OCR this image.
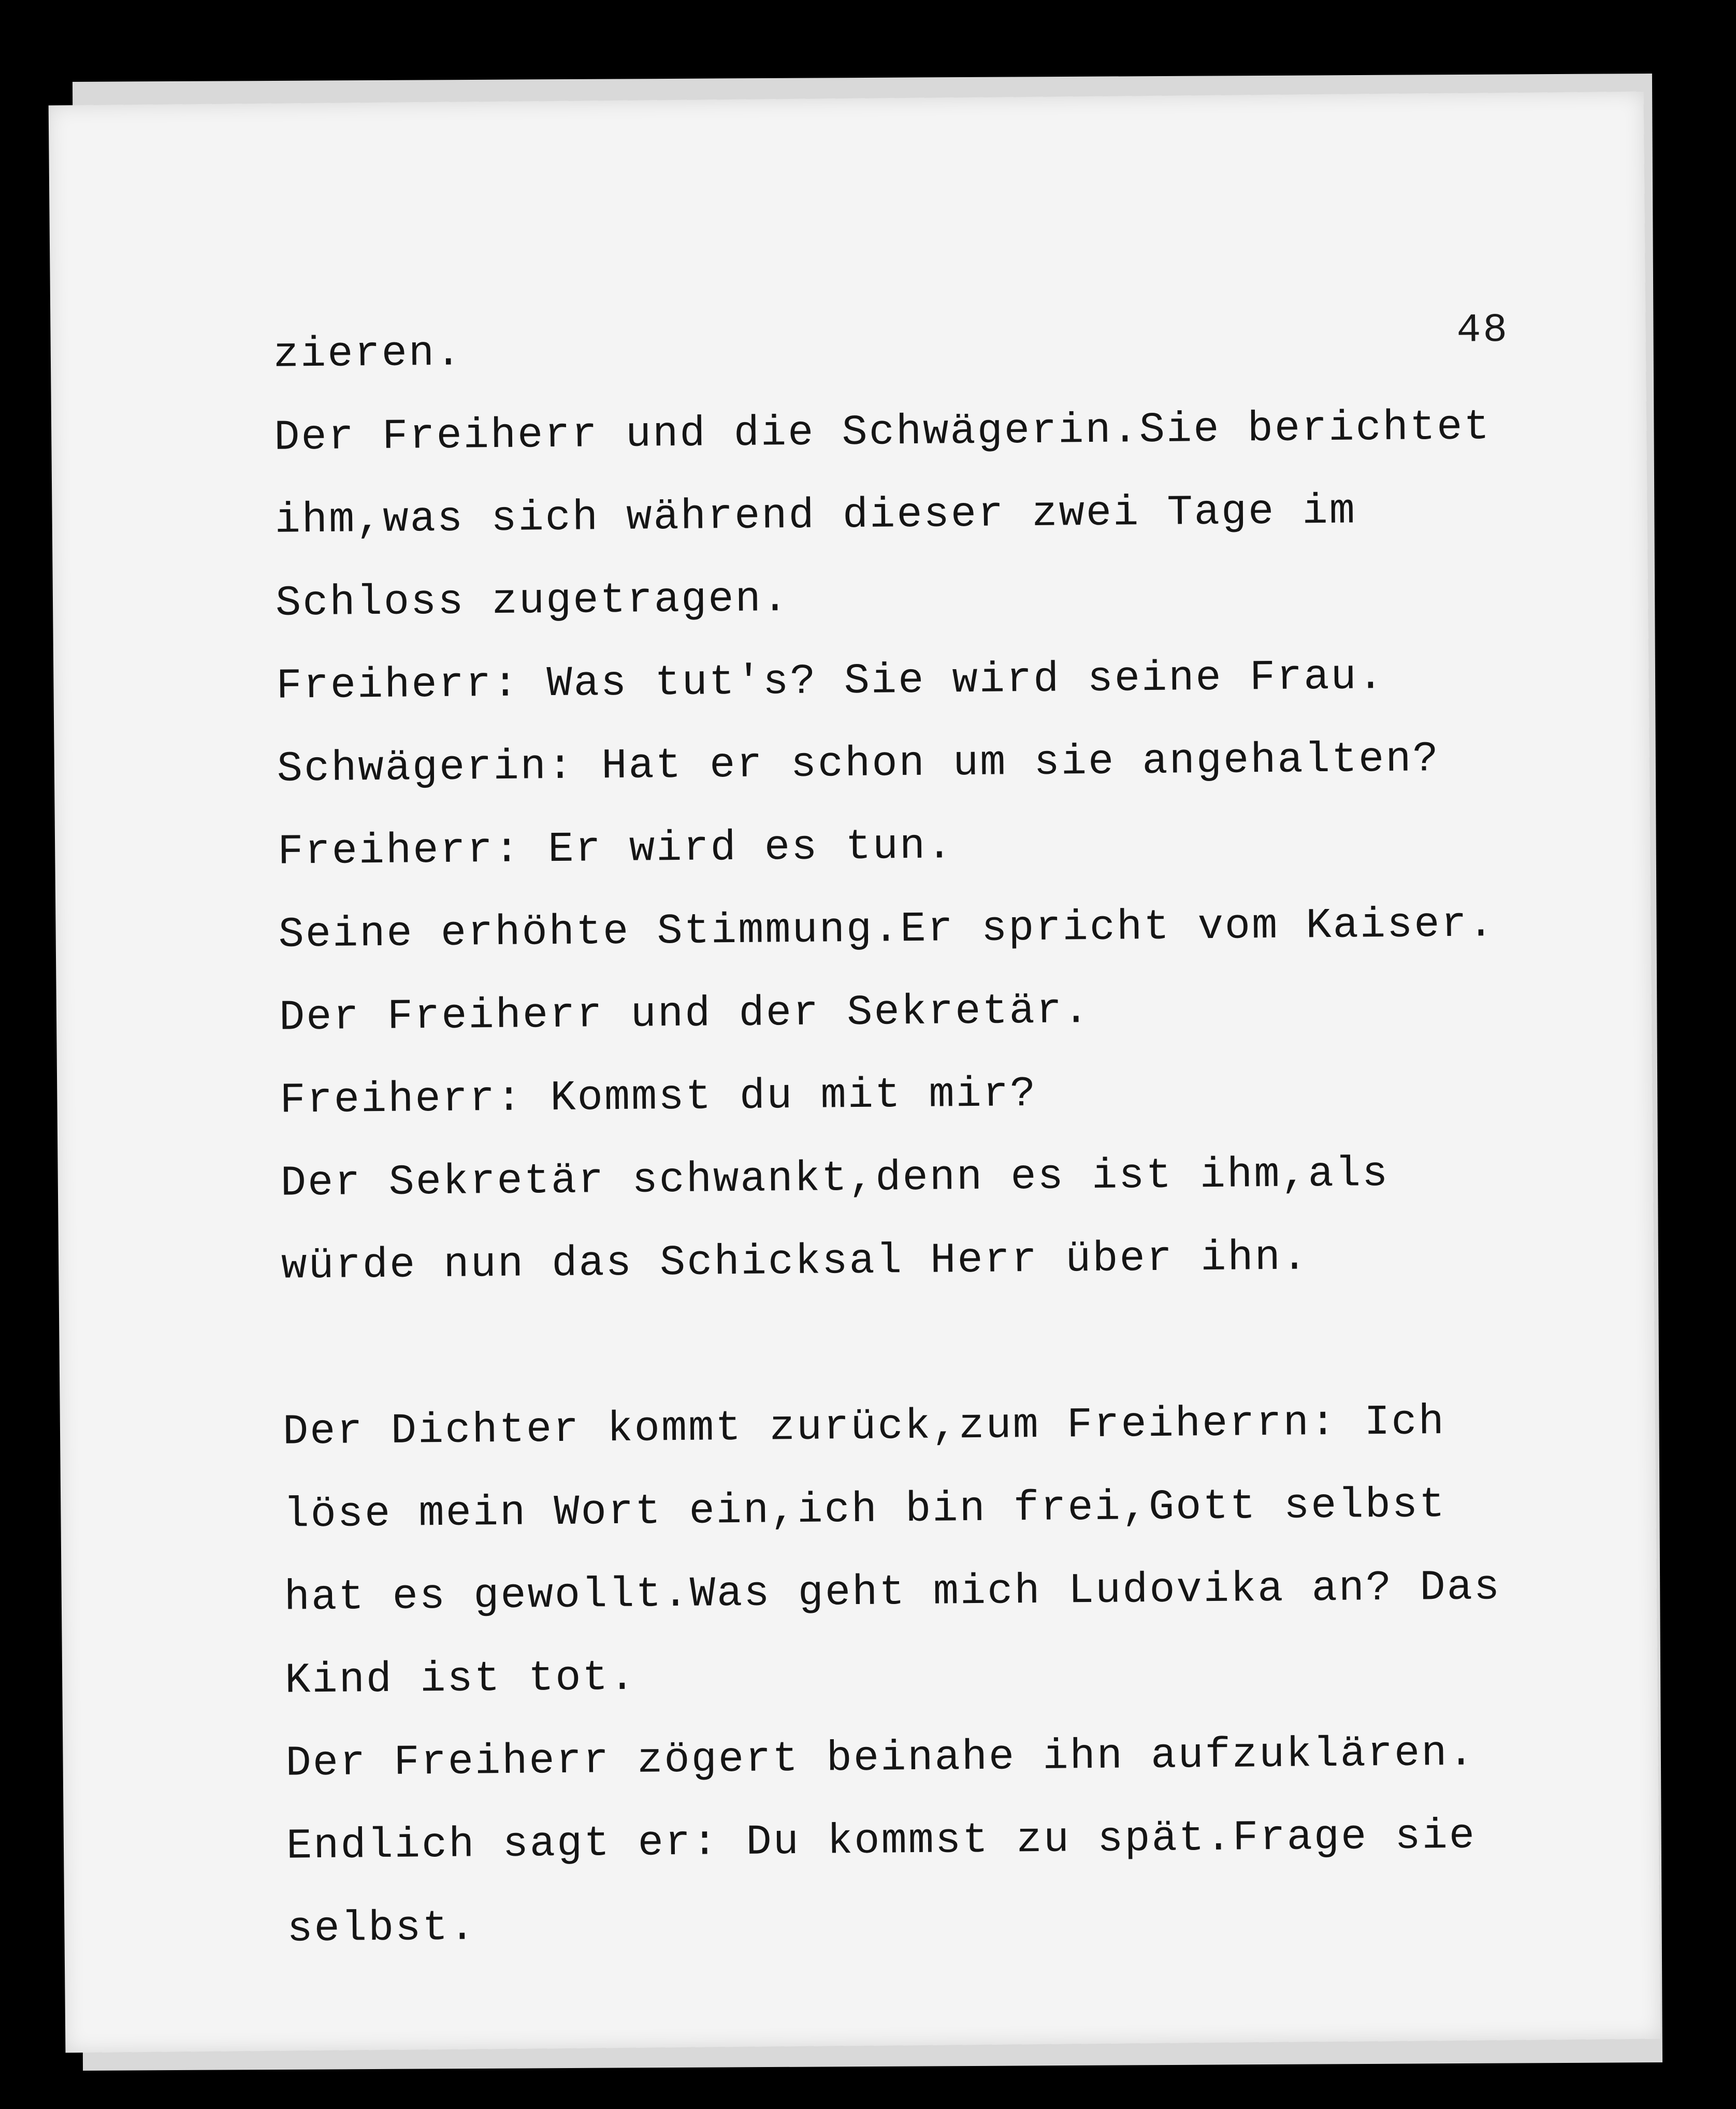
48
zieren.
Der Freiherr und die Schwägerin.Sie berichtet
ihm,was sich während dieser zwei Tage im
Schloss zugetragen.
Freiherr: Was tut's? Sie wird seine Frau.
Schwägerin: Hat er schon um sie angehalten?
Freiherr: Er wird es tun.
Seine erhöhte Stimmung.Er spricht vom Kaiser.
Der Freiherr und der Sekretär.
Freiherr: Kommst du mit mir?
Der Sekretär schwankt,denn es ist ihm,als
würde nun das Schicksal Herr über ihn.
Der Dichter kommt zurück,zum Freiherrn: Ich
löse mein Wort ein,ich bin frei,Gott selbst
hat es gewollt.Was geht mich Ludovika an? Das
Kind ist tot.
Der Freiherr zögert beinahe ihn aufzuklären.
Endlich sagt er: Du kommst zu spät.Frage sie
selbst.
